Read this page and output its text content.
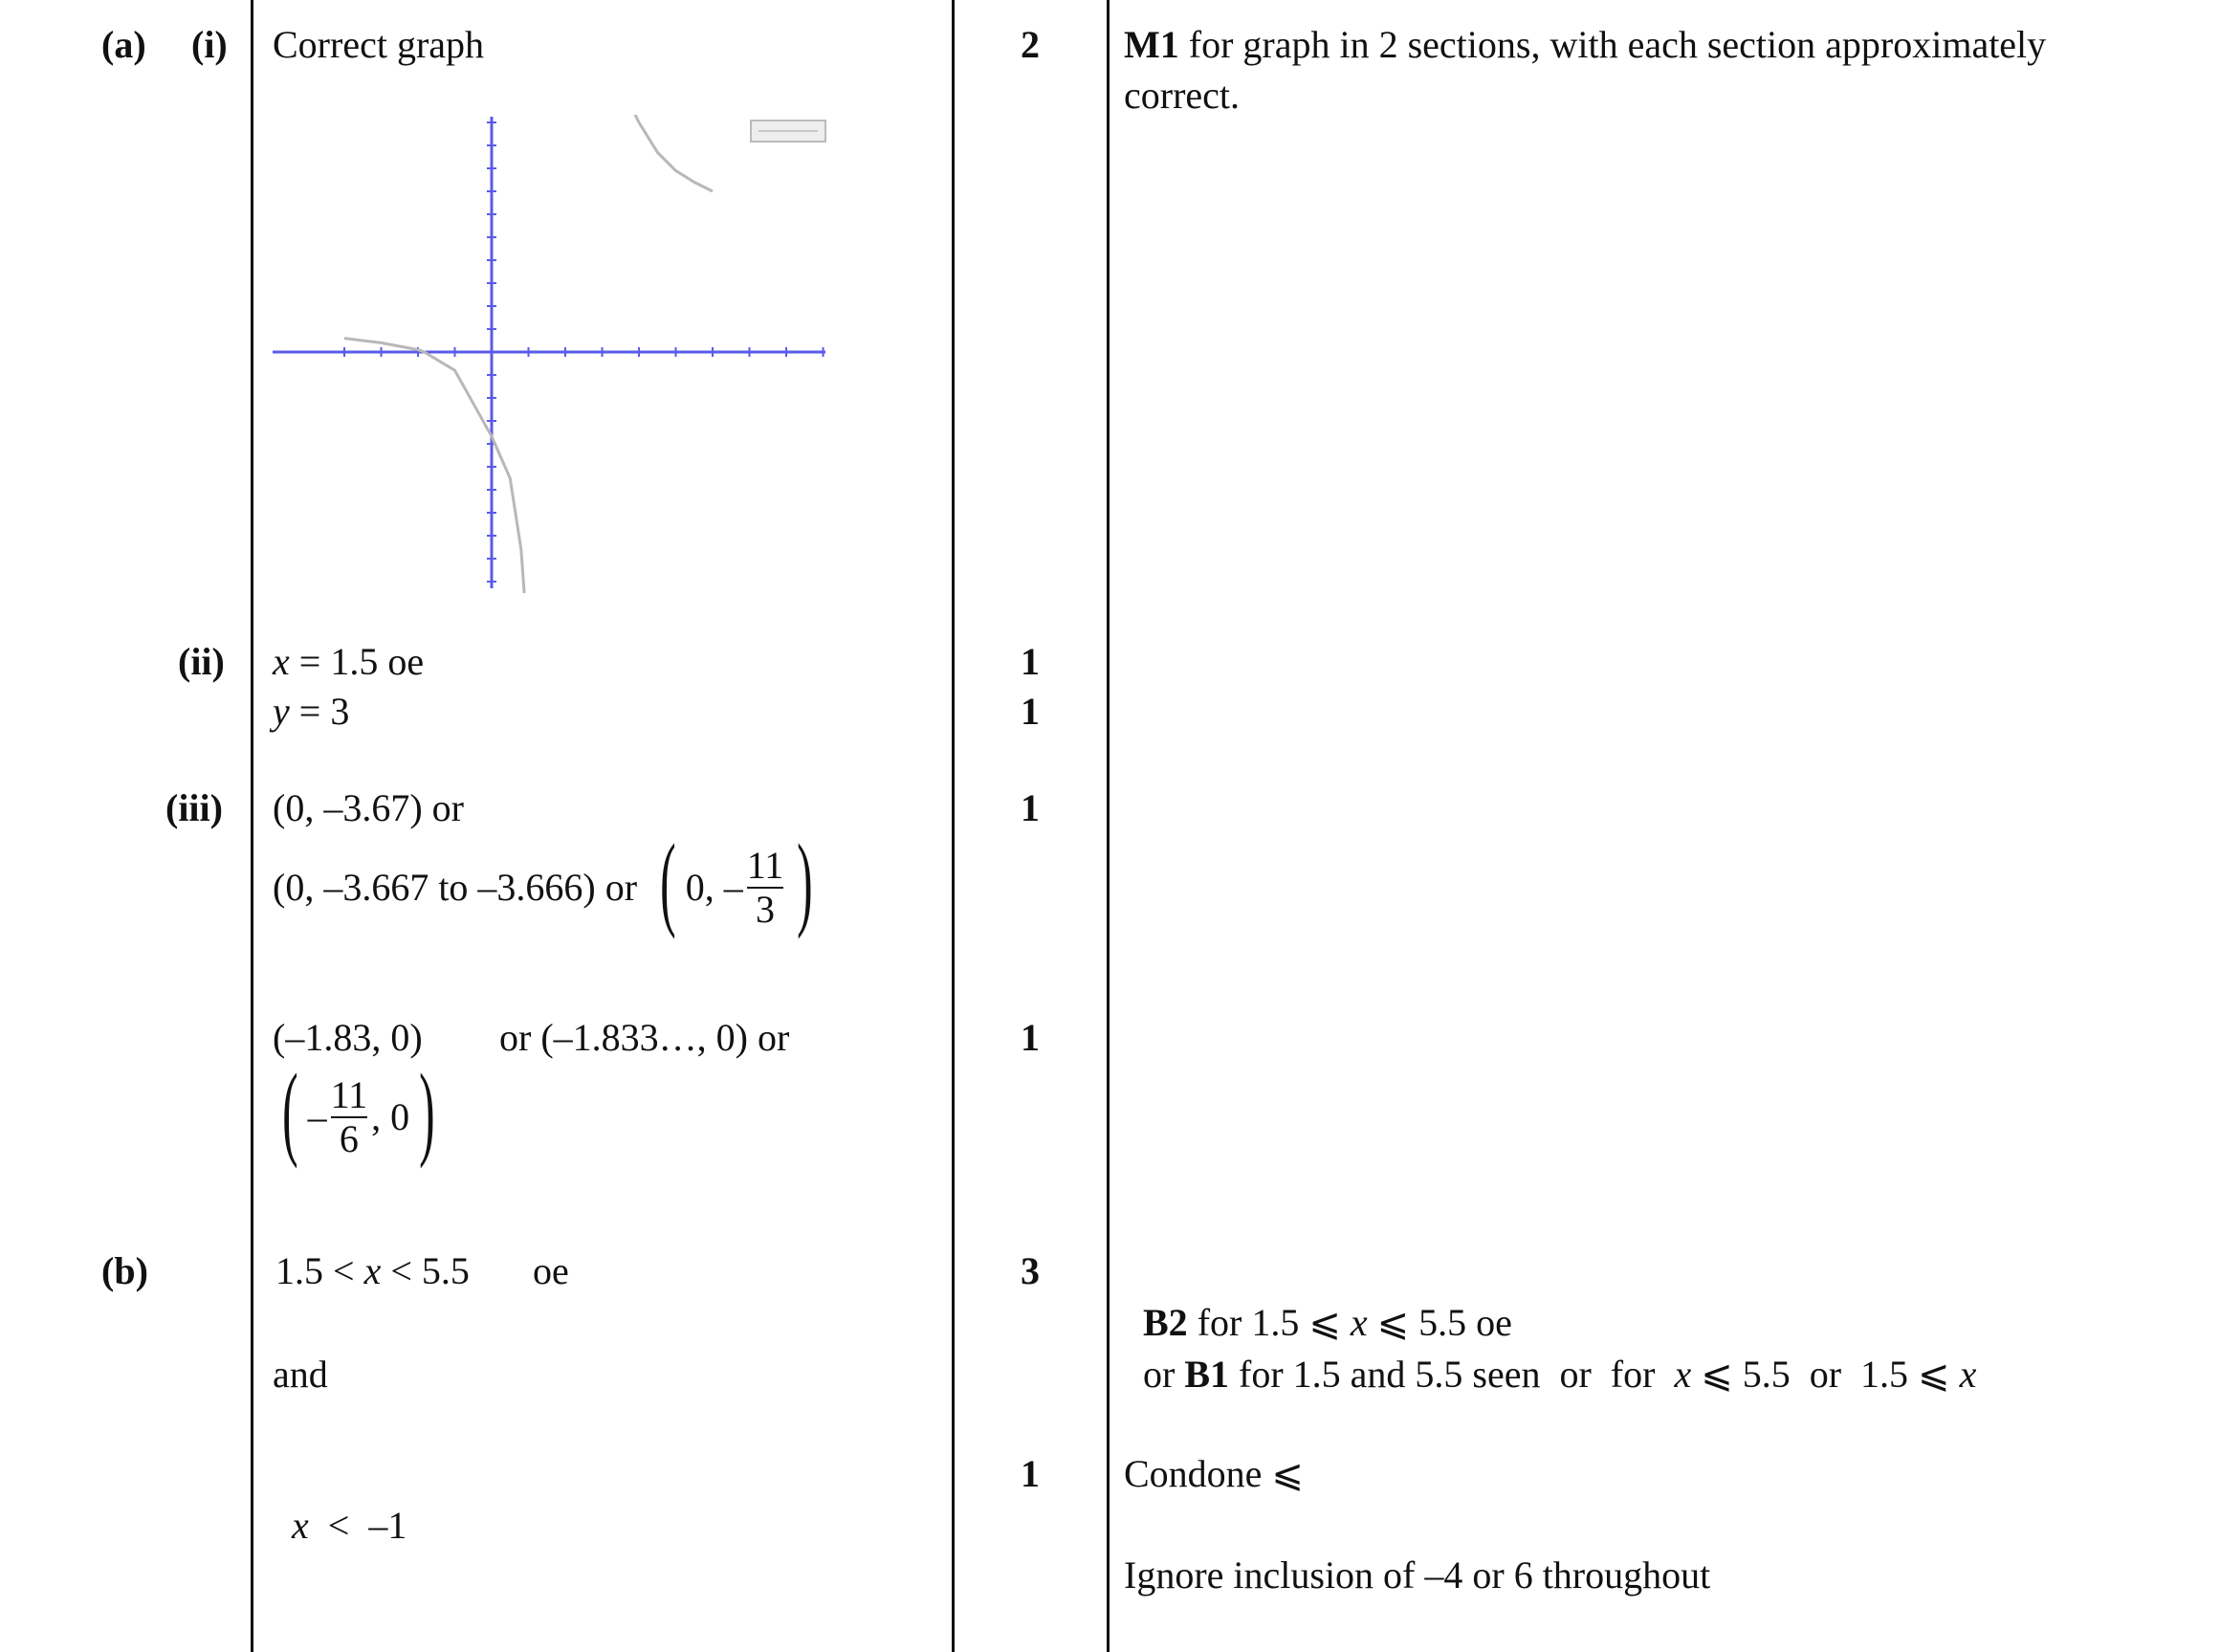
(a) (i)
(ii)
(iii)
(b)
Correct graph
x = 1.5 oe
y = 3
(0, –3.67) or
(0, –3.667 to –3.666) or ( 0, – $\frac{11}{3}$ )
(–1.83, 0) or (–1.833…, 0) or
( – $\frac{11}{6}$ , 0 )
1.5 < x < 5.5 oe
and

x  <  –1

2
1
1
1
1
3
1
M1 for graph in 2 sections, with each section approximately
correct.

B2 for 1.5 ⩽ x ⩽ 5.5 oe

or B1 for 1.5 and 5.5 seen  or  for  x ⩽ 5.5  or  1.5 ⩽ x

Condone ⩽
Ignore inclusion of –4 or 6 throughout
